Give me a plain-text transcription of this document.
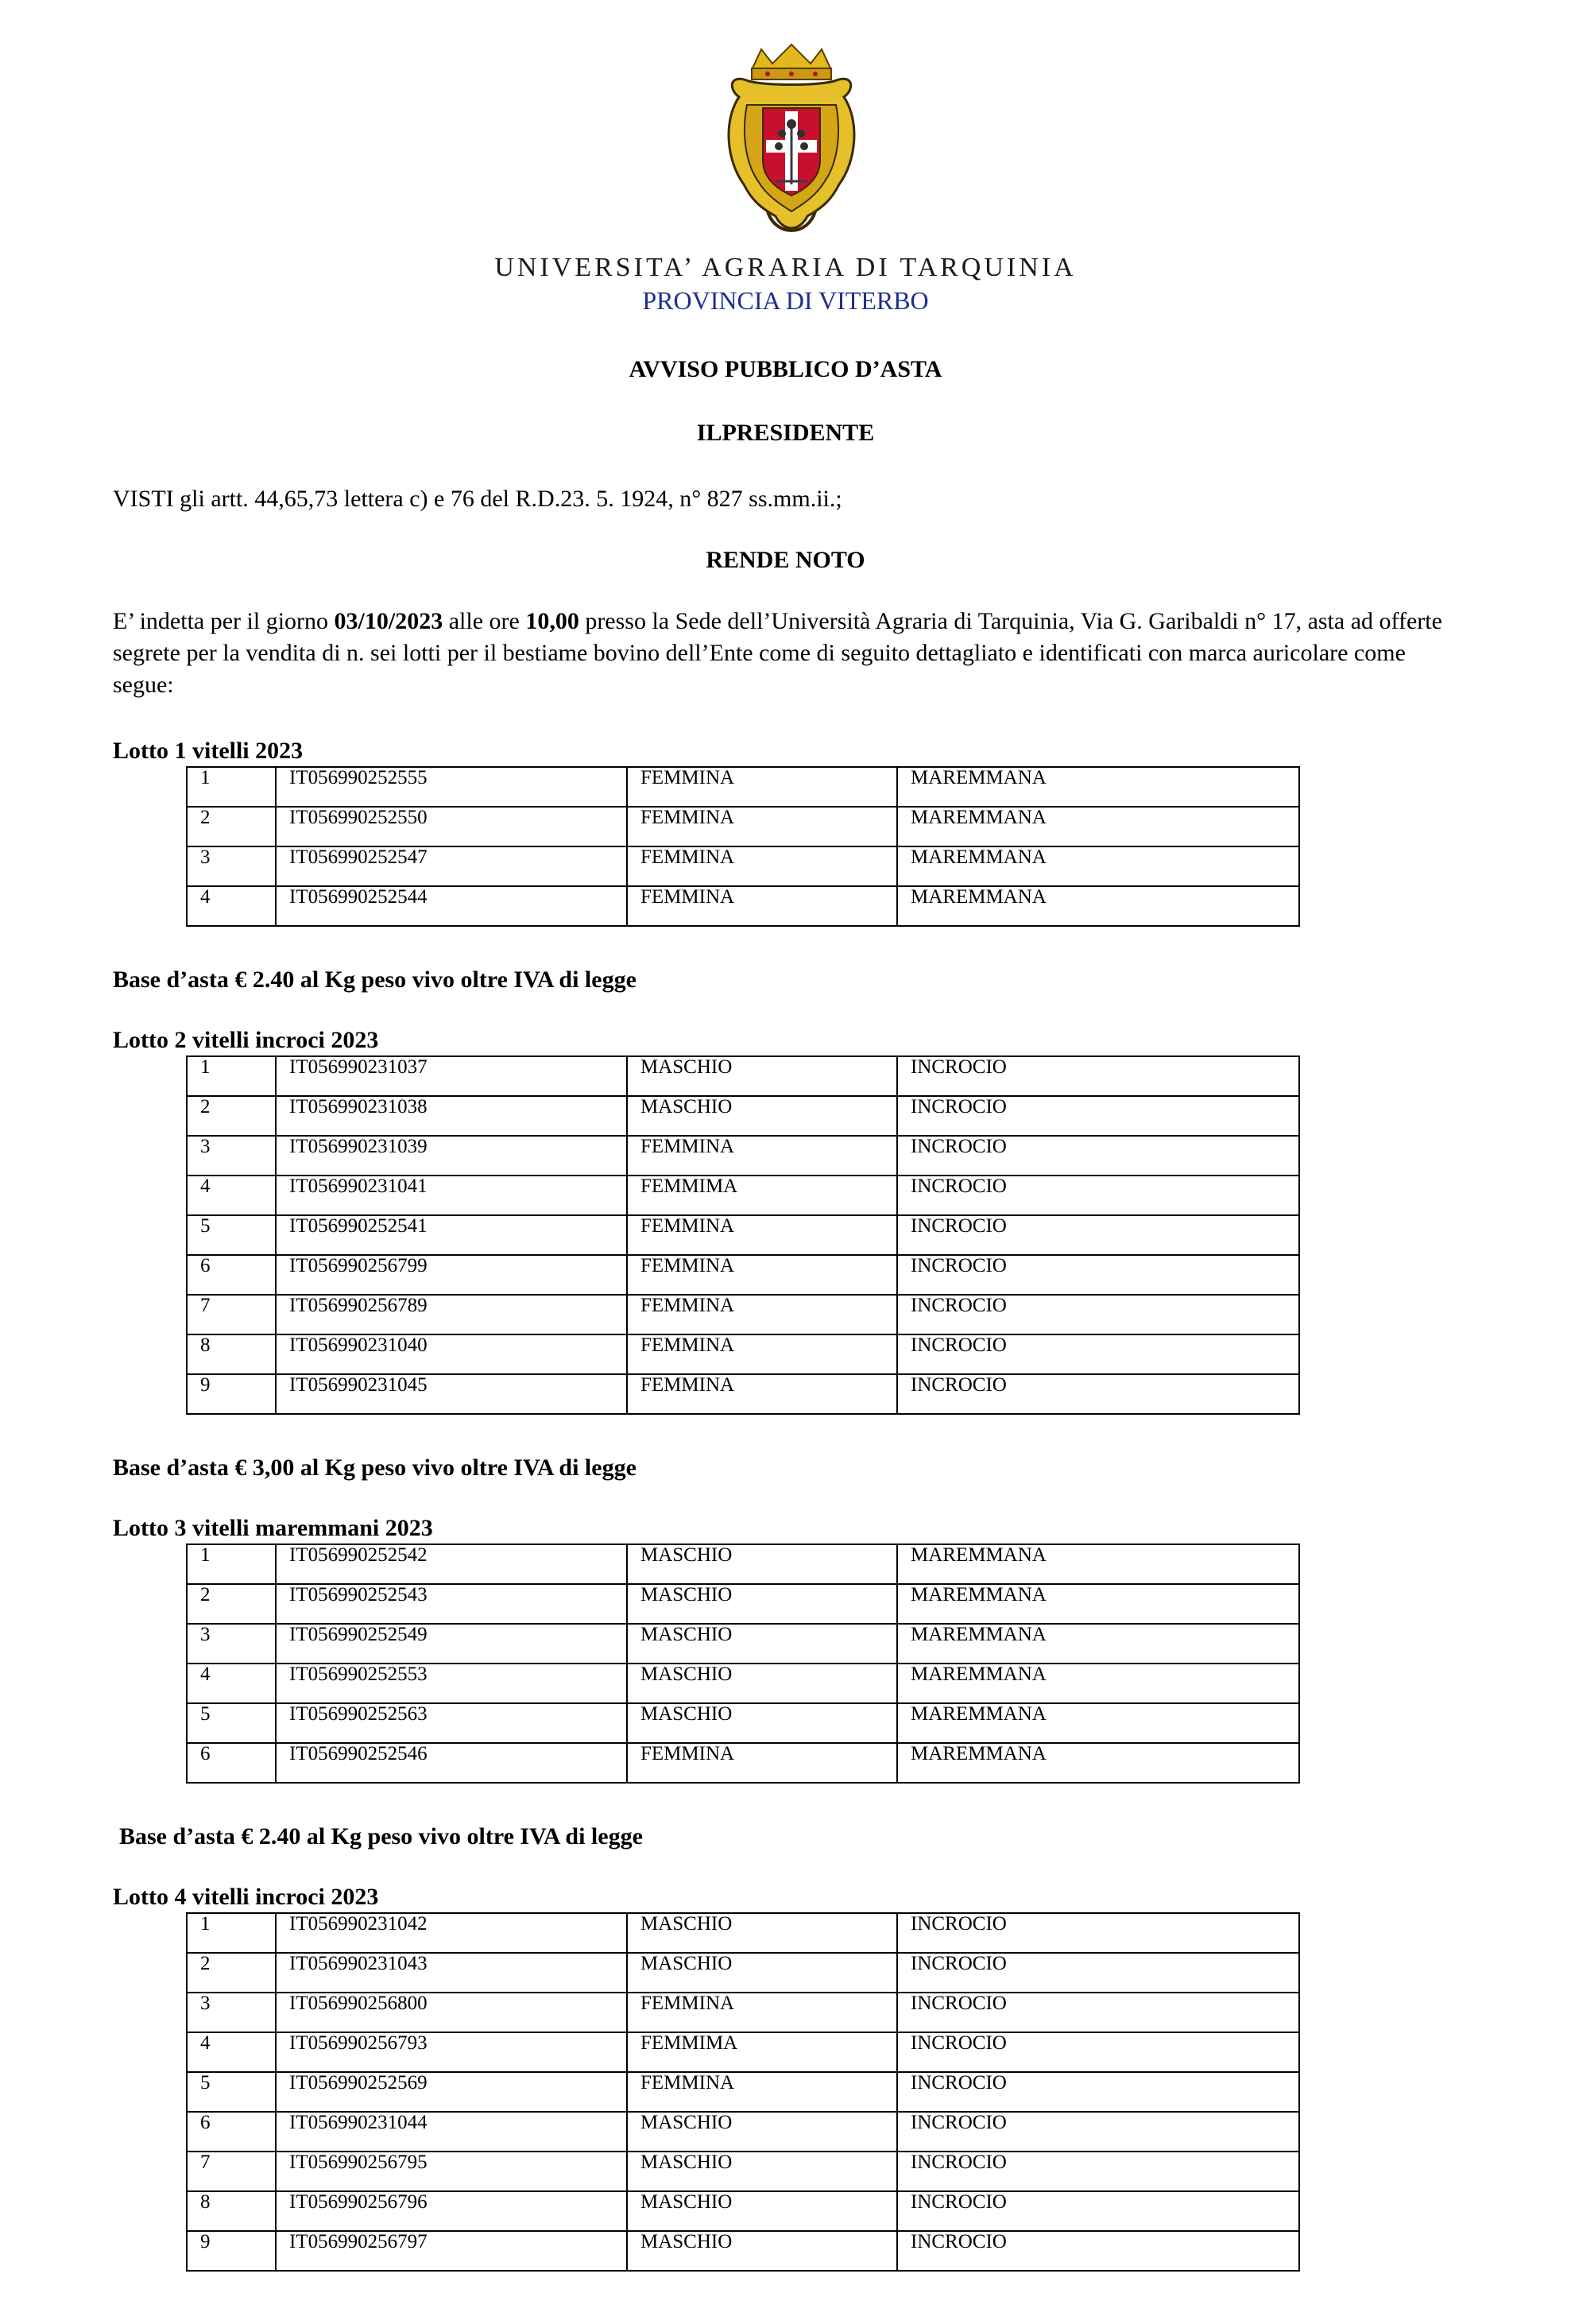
UNIVERSITA’ AGRARIA DI TARQUINIA
PROVINCIA DI VITERBO
AVVISO PUBBLICO D’ASTA
ILPRESIDENTE
VISTI gli artt. 44,65,73 lettera c) e 76 del R.D.23. 5. 1924, n° 827 ss.mm.ii.;
RENDE NOTO
E’ indetta per il giorno 03/10/2023 alle ore 10,00 presso la Sede dell’Università Agraria di Tarquinia, Via G. Garibaldi n° 17, asta ad offerte segrete per la vendita di n. sei lotti per il bestiame bovino dell’Ente come di seguito dettagliato e identificati con marca auricolare come segue:
Lotto 1 vitelli 2023
1	IT056990252555	FEMMINA	MAREMMANA
2	IT056990252550	FEMMINA	MAREMMANA
3	IT056990252547	FEMMINA	MAREMMANA
4	IT056990252544	FEMMINA	MAREMMANA
Base d’asta € 2.40 al Kg peso vivo oltre IVA di legge
Lotto 2 vitelli incroci 2023
1	IT056990231037	MASCHIO	INCROCIO
2	IT056990231038	MASCHIO	INCROCIO
3	IT056990231039	FEMMINA	INCROCIO
4	IT056990231041	FEMMIMA	INCROCIO
5	IT056990252541	FEMMINA	INCROCIO
6	IT056990256799	FEMMINA	INCROCIO
7	IT056990256789	FEMMINA	INCROCIO
8	IT056990231040	FEMMINA	INCROCIO
9	IT056990231045	FEMMINA	INCROCIO
Base d’asta € 3,00 al Kg peso vivo oltre IVA di legge
Lotto 3 vitelli maremmani 2023
1	IT056990252542	MASCHIO	MAREMMANA
2	IT056990252543	MASCHIO	MAREMMANA
3	IT056990252549	MASCHIO	MAREMMANA
4	IT056990252553	MASCHIO	MAREMMANA
5	IT056990252563	MASCHIO	MAREMMANA
6	IT056990252546	FEMMINA	MAREMMANA
Base d’asta € 2.40 al Kg peso vivo oltre IVA di legge
Lotto 4 vitelli incroci 2023
1	IT056990231042	MASCHIO	INCROCIO
2	IT056990231043	MASCHIO	INCROCIO
3	IT056990256800	FEMMINA	INCROCIO
4	IT056990256793	FEMMIMA	INCROCIO
5	IT056990252569	FEMMINA	INCROCIO
6	IT056990231044	MASCHIO	INCROCIO
7	IT056990256795	MASCHIO	INCROCIO
8	IT056990256796	MASCHIO	INCROCIO
9	IT056990256797	MASCHIO	INCROCIO
